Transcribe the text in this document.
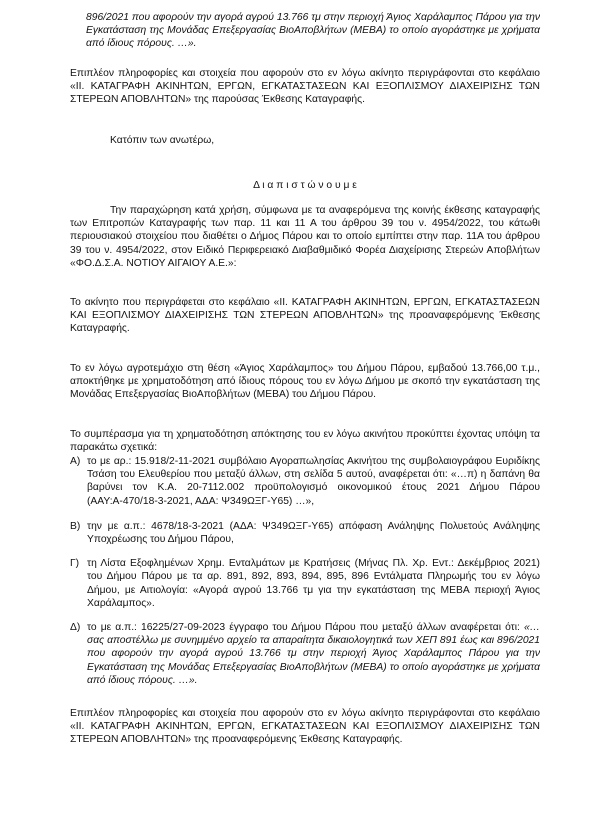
896/2021 που αφορούν την αγορά αγρού 13.766 τμ στην περιοχή Άγιος Χαράλαμπος Πάρου για την Εγκατάσταση της Μονάδας Επεξεργασίας ΒιοΑποβλήτων (ΜΕΒΑ) το οποίο αγοράστηκε με χρήματα από ίδιους πόρους. …».

Επιπλέον πληροφορίες και στοιχεία που αφορούν στο εν λόγω ακίνητο περιγράφονται στο κεφάλαιο «ΙΙ. ΚΑΤΑΓΡΑΦΗ ΑΚΙΝΗΤΩΝ, ΕΡΓΩΝ, ΕΓΚΑΤΑΣΤΑΣΕΩΝ ΚΑΙ ΕΞΟΠΛΙΣΜΟΥ ΔΙΑΧΕΙΡΙΣΗΣ ΤΩΝ ΣΤΕΡΕΩΝ ΑΠΟΒΛΗΤΩΝ» της παρούσας Έκθεσης Καταγραφής.

Κατόπιν των ανωτέρω,

Δ ι α π ι σ τ ώ ν ο υ μ ε

Την παραχώρηση κατά χρήση, σύμφωνα με τα αναφερόμενα της κοινής έκθεσης καταγραφής των Επιτροπών Καταγραφής των παρ. 11 και 11 Α του άρθρου 39 του ν. 4954/2022, του κάτωθι περιουσιακού στοιχείου που διαθέτει ο Δήμος Πάρου και το οποίο εμπίπτει στην παρ. 11Α του άρθρου 39 του ν. 4954/2022, στον Ειδικό Περιφερειακό Διαβαθμιδικό Φορέα Διαχείρισης Στερεών Αποβλήτων «ΦΟ.Δ.Σ.Α. ΝΟΤΙΟΥ ΑΙΓΑΙΟΥ Α.Ε.»:

Το ακίνητο που περιγράφεται στο κεφάλαιο «ΙΙ. ΚΑΤΑΓΡΑΦΗ ΑΚΙΝΗΤΩΝ, ΕΡΓΩΝ, ΕΓΚΑΤΑΣΤΑΣΕΩΝ ΚΑΙ ΕΞΟΠΛΙΣΜΟΥ ΔΙΑΧΕΙΡΙΣΗΣ ΤΩΝ ΣΤΕΡΕΩΝ ΑΠΟΒΛΗΤΩΝ» της προαναφερόμενης Έκθεσης Καταγραφής.

Το εν λόγω αγροτεμάχιο στη θέση «Άγιος Χαράλαμπος» του Δήμου Πάρου, εμβαδού 13.766,00 τ.μ., αποκτήθηκε με χρηματοδότηση από ίδιους πόρους του εν λόγω Δήμου με σκοπό την εγκατάσταση της Μονάδας Επεξεργασίας ΒιοΑποβλήτων (ΜΕΒΑ) του Δήμου Πάρου.

Το συμπέρασμα για τη χρηματοδότηση απόκτησης του εν λόγω ακινήτου προκύπτει έχοντας υπόψη τα παρακάτω σχετικά:

Α) το με αρ.: 15.918/2-11-2021 συμβόλαιο Αγοραπωλησίας Ακινήτου της συμβολαιογράφου Ευριδίκης Τσάση του Ελευθερίου που μεταξύ άλλων, στη σελίδα 5 αυτού, αναφέρεται ότι: «…π) η δαπάνη θα βαρύνει τον Κ.Α. 20-7112.002 προϋπολογισμό οικονομικού έτους 2021 Δήμου Πάρου (ΑΑΥ:Α-470/18-3-2021, ΑΔΑ: Ψ349ΩΞΓ-Υ65) …»,
Β) την με α.π.: 4678/18-3-2021 (ΑΔΑ: Ψ349ΩΞΓ-Υ65) απόφαση Ανάληψης Πολυετούς Ανάληψης Υποχρέωσης του Δήμου Πάρου,
Γ) τη Λίστα Εξοφλημένων Χρημ. Ενταλμάτων με Κρατήσεις (Μήνας Πλ. Χρ. Εντ.: Δεκέμβριος 2021) του Δήμου Πάρου με τα αρ. 891, 892, 893, 894, 895, 896 Εντάλματα Πληρωμής του εν λόγω Δήμου, με Αιτιολογία: «Αγορά αγρού 13.766 τμ για την εγκατάσταση της ΜΕΒΑ περιοχή Άγιος Χαράλαμπος».
Δ) το με α.π.: 16225/27-09-2023 έγγραφο του Δήμου Πάρου που μεταξύ άλλων αναφέρεται ότι: «… σας αποστέλλω με συνημμένο αρχείο τα απαραίτητα δικαιολογητικά των ΧΕΠ 891 έως και 896/2021 που αφορούν την αγορά αγρού 13.766 τμ στην περιοχή Άγιος Χαράλαμπος Πάρου για την Εγκατάσταση της Μονάδας Επεξεργασίας ΒιοΑποβλήτων (ΜΕΒΑ) το οποίο αγοράστηκε με χρήματα από ίδιους πόρους. …».

Επιπλέον πληροφορίες και στοιχεία που αφορούν στο εν λόγω ακίνητο περιγράφονται στο κεφάλαιο «ΙΙ. ΚΑΤΑΓΡΑΦΗ ΑΚΙΝΗΤΩΝ, ΕΡΓΩΝ, ΕΓΚΑΤΑΣΤΑΣΕΩΝ ΚΑΙ ΕΞΟΠΛΙΣΜΟΥ ΔΙΑΧΕΙΡΙΣΗΣ ΤΩΝ ΣΤΕΡΕΩΝ ΑΠΟΒΛΗΤΩΝ» της προαναφερόμενης Έκθεσης Καταγραφής.
